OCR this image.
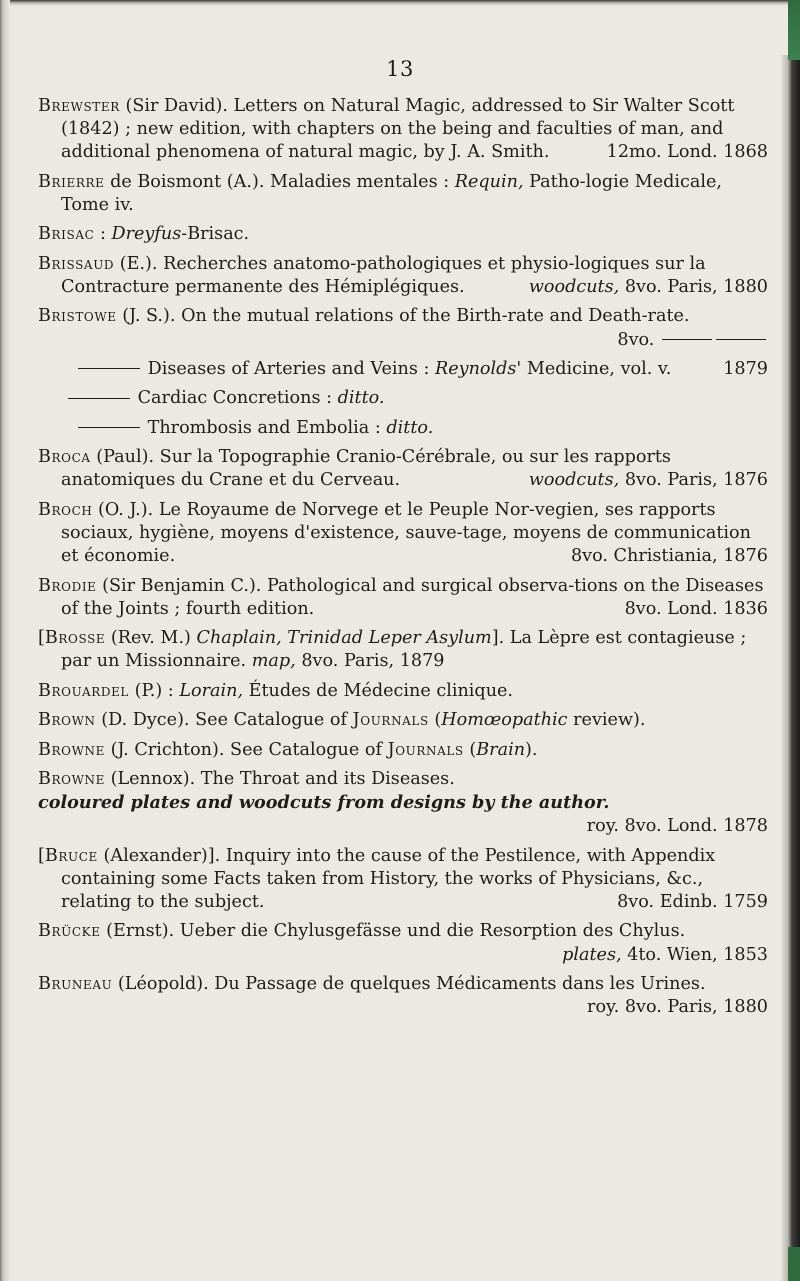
13
Brewster (Sir David). Letters on Natural Magic, addressed to Sir Walter Scott (1842) ; new edition, with chapters on the being and faculties of man, and additional phenomena of natural magic, by J. A. Smith.	12mo. Lond. 1868
Brierre de Boismont (A.). Maladies mentales : Requin, Patho-logie Medicale, Tome iv.
Brisac : Dreyfus-Brisac.
Brissaud (E.). Recherches anatomo-pathologiques et physio-logiques sur la Contracture permanente des Hémiplégiques.	woodcuts, 8vo. Paris, 1880
Bristowe (J. S.). On the mutual relations of the Birth-rate and Death-rate.
8vo.
Diseases of Arteries and Veins : Reynolds' Medicine, vol. v.	1879
Cardiac Concretions : ditto.
Thrombosis and Embolia : ditto.
Broca (Paul). Sur la Topographie Cranio-Cérébrale, ou sur les rapports anatomiques du Crane et du Cerveau.	woodcuts, 8vo. Paris, 1876
Broch (O. J.). Le Royaume de Norvege et le Peuple Nor-vegien, ses rapports sociaux, hygiène, moyens d'existence, sauve-tage, moyens de communication et économie.	8vo. Christiania, 1876
Brodie (Sir Benjamin C.). Pathological and surgical observa-tions on the Diseases of the Joints ; fourth edition.	8vo. Lond. 1836
[Brosse (Rev. M.) Chaplain, Trinidad Leper Asylum]. La Lèpre est contagieuse ; par un Missionnaire. map, 8vo. Paris, 1879
Brouardel (P.) : Lorain, Études de Médecine clinique.
Brown (D. Dyce). See Catalogue of Journals (Homœopathic review).
Browne (J. Crichton). See Catalogue of Journals (Brain).
Browne (Lennox). The Throat and its Diseases.
coloured plates and woodcuts from designs by the author.
roy. 8vo. Lond. 1878
[Bruce (Alexander)]. Inquiry into the cause of the Pestilence, with Appendix containing some Facts taken from History, the works of Physicians, &c., relating to the subject.	8vo. Edinb. 1759
Brücke (Ernst). Ueber die Chylusgefässe und die Resorption des Chylus.
plates, 4to. Wien, 1853
Bruneau (Léopold). Du Passage de quelques Médicaments dans les Urines.
roy. 8vo. Paris, 1880
